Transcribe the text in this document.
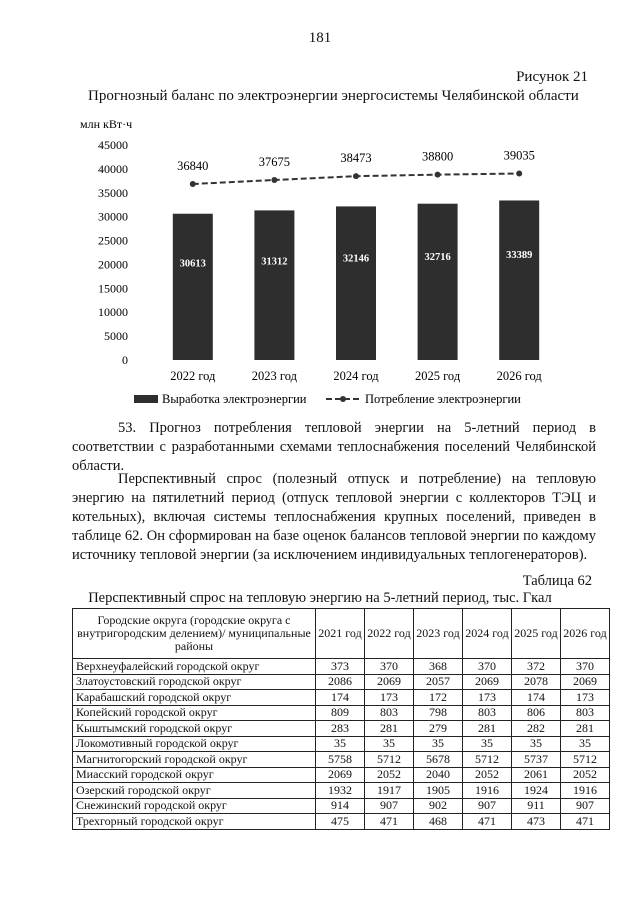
181
Рисунок 21
Прогнозный баланс по электроэнергии энергосистемы Челябинской области
млн кВт·ч
0
5000
10000
15000
20000
25000
30000
35000
40000
45000
30613	31312	32146	32716	33389
36840	37675	38473	38800	39035
2022 год	2023 год	2024 год	2025 год	2026 год
Выработка электроэнергии	Потребление электроэнергии
53. Прогноз потребления тепловой энергии на 5-летний период в соответствии с разработанными схемами теплоснабжения поселений Челябинской области.
Перспективный спрос (полезный отпуск и потребление) на тепловую энергию на пятилетний период (отпуск тепловой энергии с коллекторов ТЭЦ и котельных), включая системы теплоснабжения крупных поселений, приведен в таблице 62. Он сформирован на базе оценок балансов тепловой энергии по каждому источнику тепловой энергии (за исключением индивидуальных теплогенераторов).
Таблица 62
Перспективный спрос на тепловую энергию на 5-летний период, тыс. Гкал
Городские округа (городские округа с внутригородским делением)/ муниципальные районы	2021 год	2022 год	2023 год	2024 год	2025 год	2026 год
Верхнеуфалейский городской округ	373	370	368	370	372	370
Златоустовский городской округ	2086	2069	2057	2069	2078	2069
Карабашский городской округ	174	173	172	173	174	173
Копейский городской округ	809	803	798	803	806	803
Кыштымский городской округ	283	281	279	281	282	281
Локомотивный городской округ	35	35	35	35	35	35
Магнитогорский городской округ	5758	5712	5678	5712	5737	5712
Миасский городской округ	2069	2052	2040	2052	2061	2052
Озерский городской округ	1932	1917	1905	1916	1924	1916
Снежинский городской округ	914	907	902	907	911	907
Трехгорный городской округ	475	471	468	471	473	471
